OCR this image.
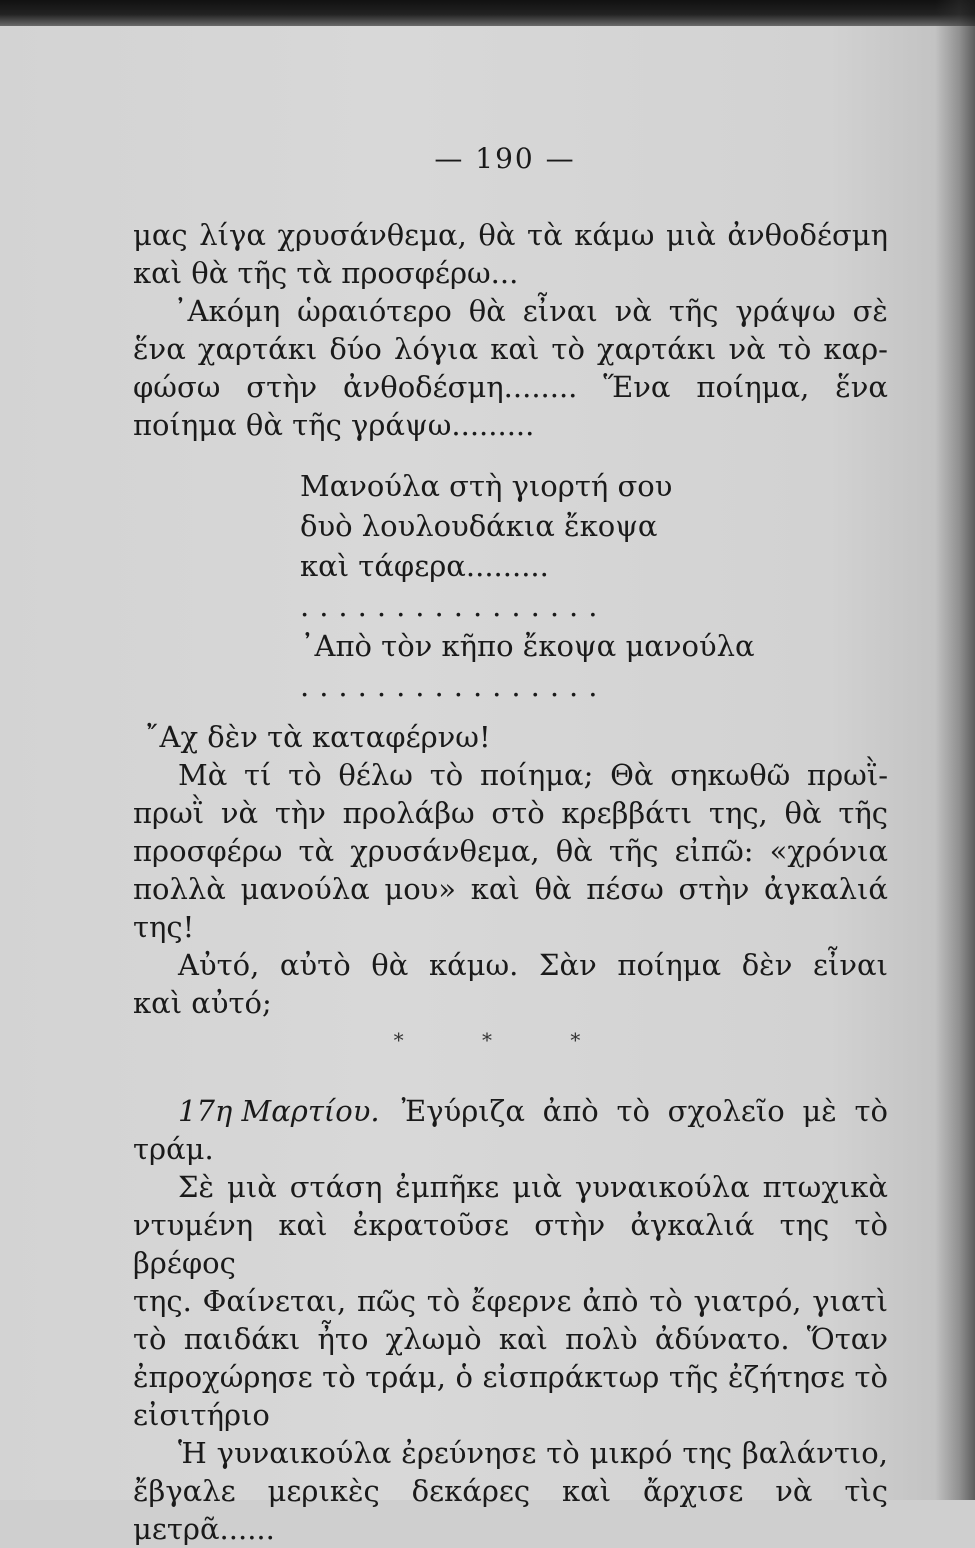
— 190 —
μας λίγα χρυσάνθεμα, θὰ τὰ κάμω μιὰ ἀνθοδέσμη
καὶ θὰ τῆς τὰ προσφέρω...
᾿Ακόμη ὡραιότερο θὰ εἶναι νὰ τῆς γράψω σὲ
ἕνα χαρτάκι δύο λόγια καὶ τὸ χαρτάκι νὰ τὸ καρ-
φώσω στὴν ἀνθοδέσμη........ Ἕνα ποίημα, ἕνα
ποίημα θὰ τῆς γράψω.........
Μανούλα στὴ γιορτή σου
δυὸ λουλουδάκια ἔκοψα
καὶ τάφερα.........
................
᾿Απὸ τὸν κῆπο ἔκοψα μανούλα
................
῎Αχ δὲν τὰ καταφέρνω!
Μὰ τί τὸ θέλω τὸ ποίημα; Θὰ σηκωθῶ πρωῒ-
πρωῒ νὰ τὴν προλάβω στὸ κρεββάτι της, θὰ τῆς
προσφέρω τὰ χρυσάνθεμα, θὰ τῆς εἰπῶ: «χρόνια
πολλὰ μανούλα μου» καὶ θὰ πέσω στὴν ἀγκαλιά της!
Αὐτό, αὐτὸ θὰ κάμω. Σὰν ποίημα δὲν εἶναι
καὶ αὐτό;
* * *
17η Μαρτίου. Ἐγύριζα ἀπὸ τὸ σχολεῖο μὲ τὸ
τράμ.
Σὲ μιὰ στάση ἐμπῆκε μιὰ γυναικούλα πτωχικὰ
ντυμένη καὶ ἐκρατοῦσε στὴν ἀγκαλιά της τὸ βρέφος
της. Φαίνεται, πῶς τὸ ἔφερνε ἀπὸ τὸ γιατρό, γιατὶ
τὸ παιδάκι ἦτο χλωμὸ καὶ πολὺ ἀδύνατο. Ὅταν
ἐπροχώρησε τὸ τράμ, ὁ εἰσπράκτωρ τῆς ἐζήτησε τὸ
εἰσιτήριο
Ἡ γυναικούλα ἐρεύνησε τὸ μικρό της βαλάντιο,
ἔβγαλε μερικὲς δεκάρες καὶ ἄρχισε νὰ τὶς μετρᾶ......
